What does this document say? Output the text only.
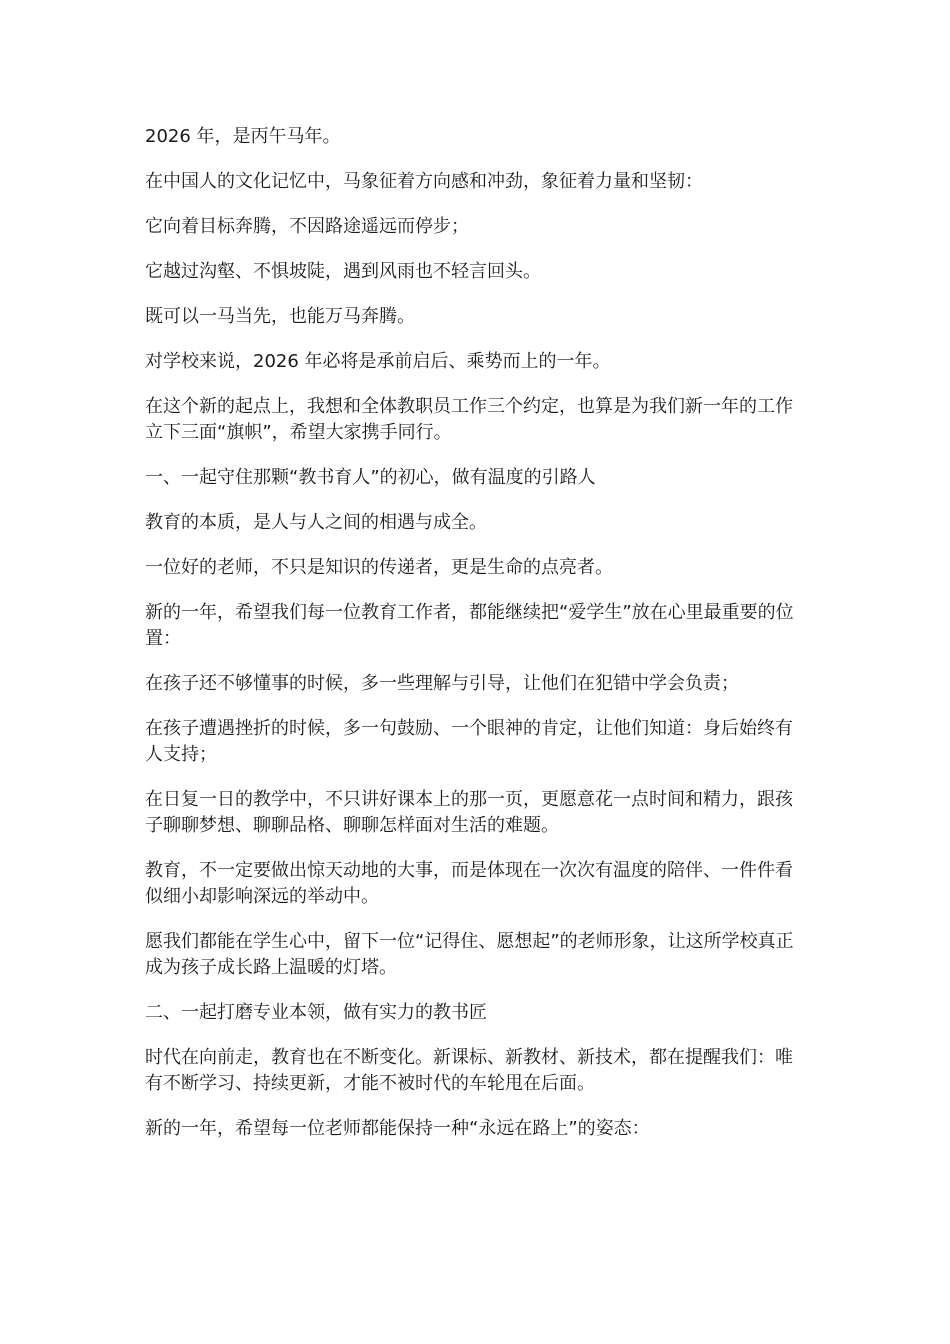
2026 年，是丙午马年。

在中国人的文化记忆中，马象征着方向感和冲劲，象征着力量和坚韧：

它向着目标奔腾，不因路途遥远而停步；

它越过沟壑、不惧坡陡，遇到风雨也不轻言回头。

既可以一马当先，也能万马奔腾。

对学校来说，2026 年必将是承前启后、乘势而上的一年。

在这个新的起点上，我想和全体教职员工作三个约定，也算是为我们新一年的工作立下三面“旗帜”，希望大家携手同行。

一、一起守住那颗“教书育人”的初心，做有温度的引路人

教育的本质，是人与人之间的相遇与成全。

一位好的老师，不只是知识的传递者，更是生命的点亮者。

新的一年，希望我们每一位教育工作者，都能继续把“爱学生”放在心里最重要的位置：

在孩子还不够懂事的时候，多一些理解与引导，让他们在犯错中学会负责；

在孩子遭遇挫折的时候，多一句鼓励、一个眼神的肯定，让他们知道：身后始终有人支持；

在日复一日的教学中，不只讲好课本上的那一页，更愿意花一点时间和精力，跟孩子聊聊梦想、聊聊品格、聊聊怎样面对生活的难题。

教育，不一定要做出惊天动地的大事，而是体现在一次次有温度的陪伴、一件件看似细小却影响深远的举动中。

愿我们都能在学生心中，留下一位“记得住、愿想起”的老师形象，让这所学校真正成为孩子成长路上温暖的灯塔。

二、一起打磨专业本领，做有实力的教书匠

时代在向前走，教育也在不断变化。新课标、新教材、新技术，都在提醒我们：唯有不断学习、持续更新，才能不被时代的车轮甩在后面。

新的一年，希望每一位老师都能保持一种“永远在路上”的姿态：
